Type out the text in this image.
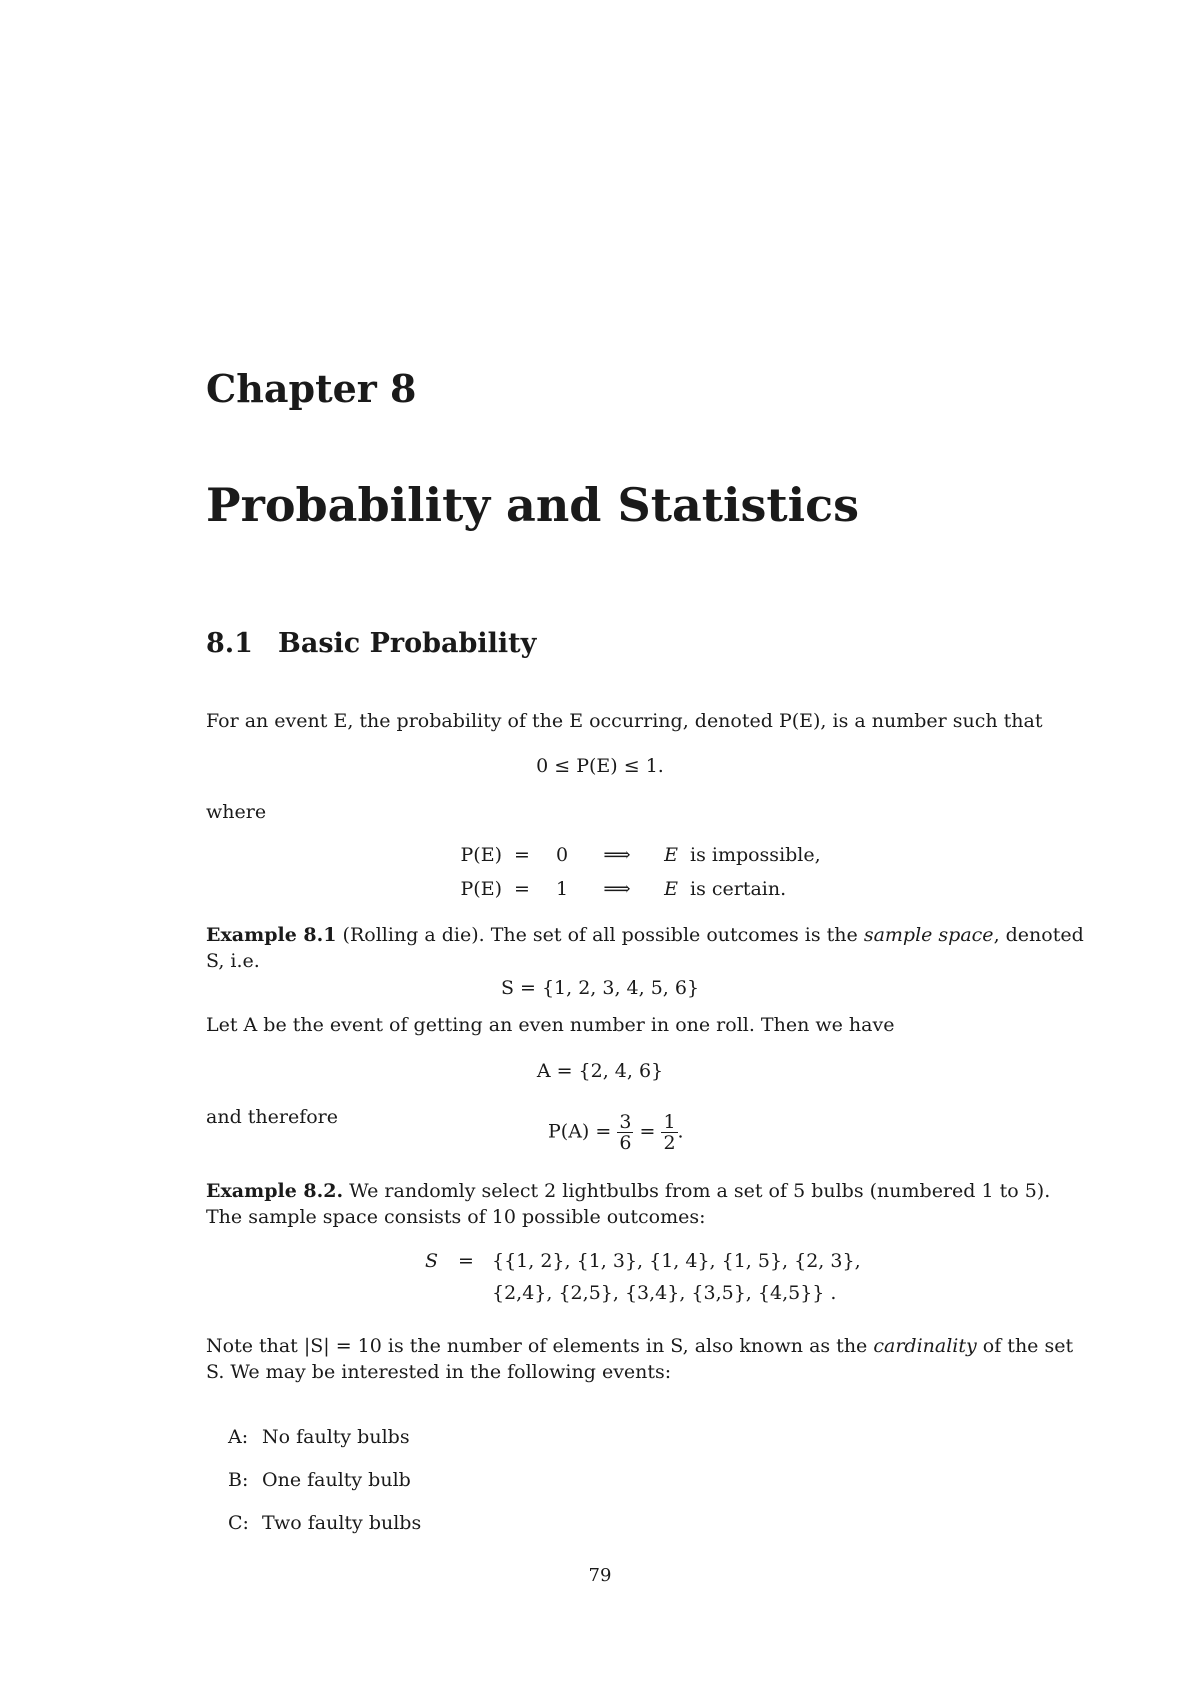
Chapter 8
Probability and Statistics
8.1 Basic Probability
For an event E, the probability of the E occurring, denoted P(E), is a number such that
0 ≤ P(E) ≤ 1.
where
P(E)	=	0	⟹	E	is impossible,
P(E)	=	1	⟹	E	is certain.
Example 8.1 (Rolling a die). The set of all possible outcomes is the sample space, denoted
S, i.e.
S = {1, 2, 3, 4, 5, 6}
Let A be the event of getting an even number in one roll. Then we have
A = {2, 4, 6}
and therefore
$P(A) = \frac{3}{6} = \frac{1}{2}$ .
Example 8.2. We randomly select 2 lightbulbs from a set of 5 bulbs (numbered 1 to 5).
The sample space consists of 10 possible outcomes:
S = {{1, 2}, {1, 3}, {1, 4}, {1, 5}, {2, 3},
{2,4}, {2,5}, {3,4}, {3,5}, {4,5}} .
Note that |S| = 10 is the number of elements in S, also known as the cardinality of the set
S. We may be interested in the following events:
A: No faulty bulbs
B: One faulty bulb
C: Two faulty bulbs
79
